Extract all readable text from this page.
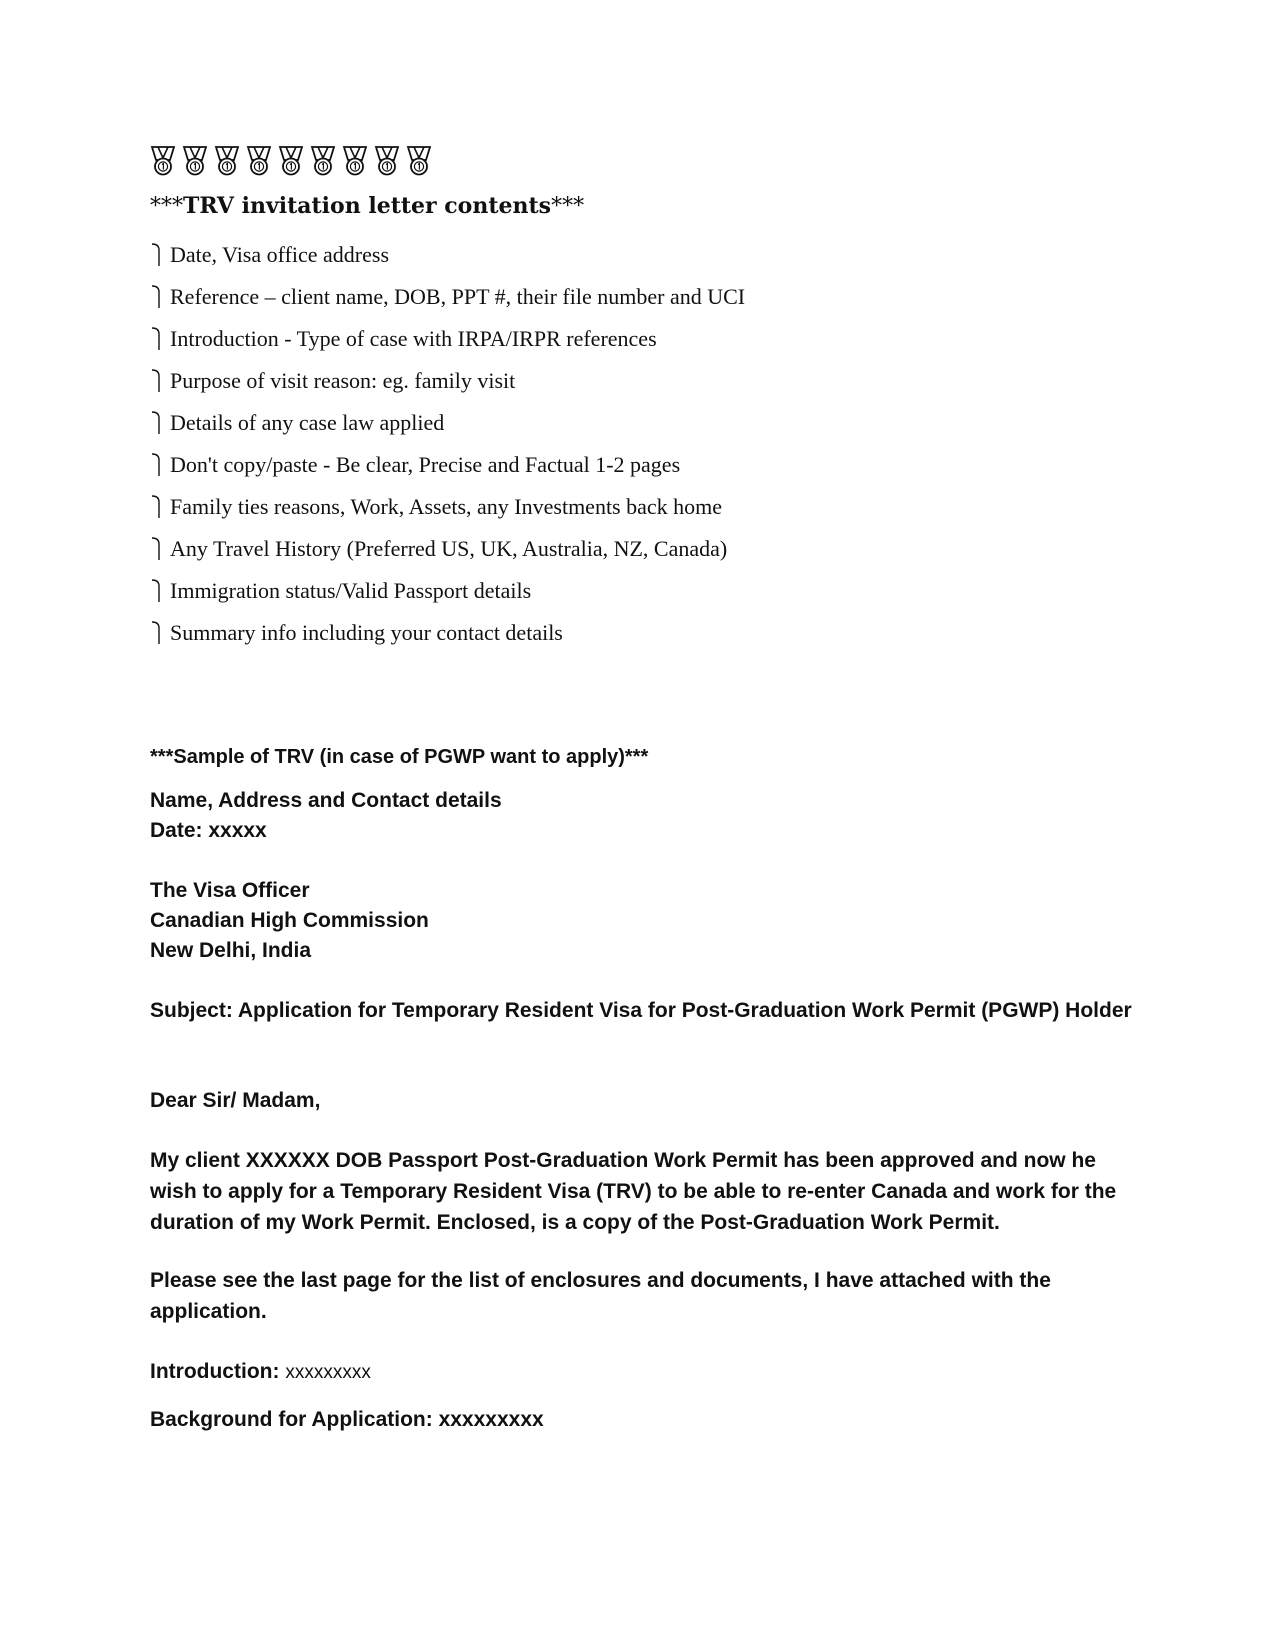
***TRV invitation letter contents***
Date, Visa office address
Reference – client name, DOB, PPT #, their file number and UCI
Introduction - Type of case with IRPA/IRPR references
Purpose of visit reason: eg. family visit
Details of any case law applied
Don't copy/paste - Be clear, Precise and Factual 1-2 pages
Family ties reasons, Work, Assets, any Investments back home
Any Travel History (Preferred US, UK, Australia, NZ, Canada)
Immigration status/Valid Passport details
Summary info including your contact details
***Sample of TRV (in case of PGWP want to apply)***

Name, Address and Contact details

Date: xxxxx

The Visa Officer

Canadian High Commission

New Delhi, India

Subject: Application for Temporary Resident Visa for Post-Graduation Work Permit (PGWP) Holder

Dear Sir/ Madam,

My client XXXXXX DOB Passport Post-Graduation Work Permit has been approved and now he wish to apply for a Temporary Resident Visa (TRV) to be able to re-enter Canada and work for the duration of my Work Permit. Enclosed, is a copy of the Post-Graduation Work Permit.

Please see the last page for the list of enclosures and documents, I have attached with the application.

Introduction: xxxxxxxxx

Background for Application: xxxxxxxxx
